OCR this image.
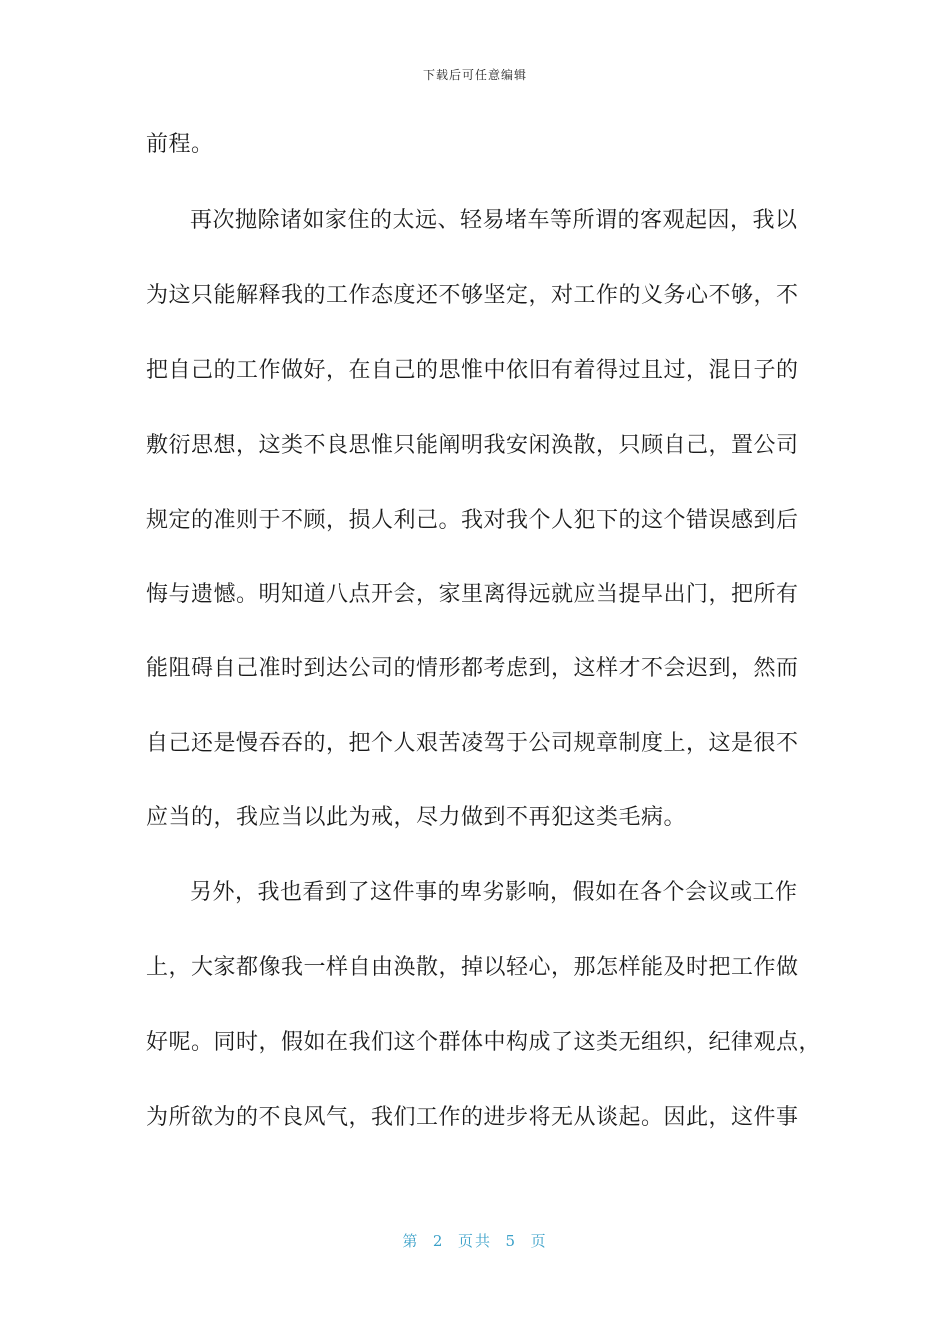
下载后可任意编辑
前程。
再次抛除诸如家住的太远、轻易堵车等所谓的客观起因，我以
为这只能解释我的工作态度还不够坚定，对工作的义务心不够，不
把自己的工作做好，在自己的思惟中依旧有着得过且过，混日子的
敷衍思想，这类不良思惟只能阐明我安闲涣散，只顾自己，置公司
规定的准则于不顾，损人利己。我对我个人犯下的这个错误感到后
悔与遗憾。明知道八点开会，家里离得远就应当提早出门，把所有
能阻碍自己准时到达公司的情形都考虑到，这样才不会迟到，然而
自己还是慢吞吞的，把个人艰苦凌驾于公司规章制度上，这是很不
应当的，我应当以此为戒，尽力做到不再犯这类毛病。
另外，我也看到了这件事的卑劣影响，假如在各个会议或工作
上，大家都像我一样自由涣散，掉以轻心，那怎样能及时把工作做
好呢。同时，假如在我们这个群体中构成了这类无组织，纪律观点，
为所欲为的不良风气，我们工作的进步将无从谈起。因此，这件事
第  2  页共  5  页
